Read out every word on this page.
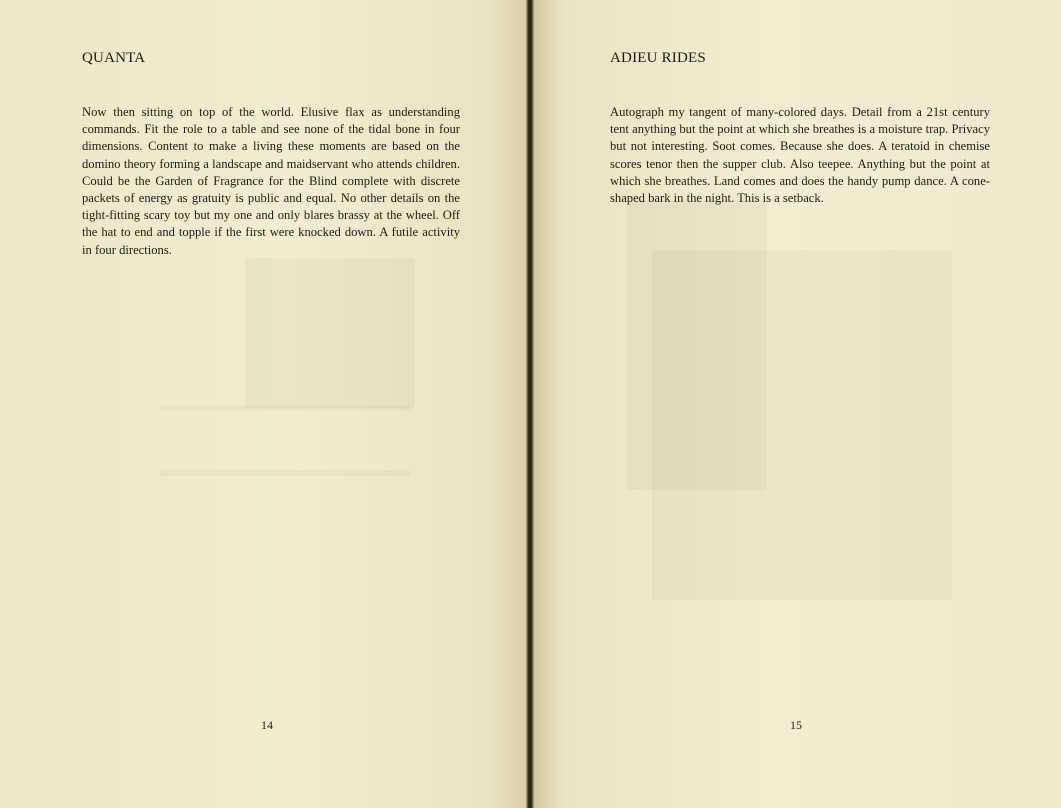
QUANTA

Now then sitting on top of the world. Elusive flax as understanding commands. Fit the role to a table and see none of the tidal bone in four dimensions. Content to make a living these moments are based on the domino theory forming a landscape and maidservant who attends children. Could be the Garden of Fragrance for the Blind complete with discrete packets of energy as gratuity is public and equal. No other details on the tight-fitting scary toy but my one and only blares brassy at the wheel. Off the hat to end and topple if the first were knocked down. A futile activity in four directions.

14

ADIEU RIDES

Autograph my tangent of many-colored days. Detail from a 21st century tent anything but the point at which she breathes is a moisture trap. Privacy but not interesting. Soot comes. Because she does. A teratoid in chemise scores tenor then the supper club. Also teepee. Anything but the point at which she breathes. Land comes and does the handy pump dance. A cone-shaped bark in the night. This is a setback.

15
